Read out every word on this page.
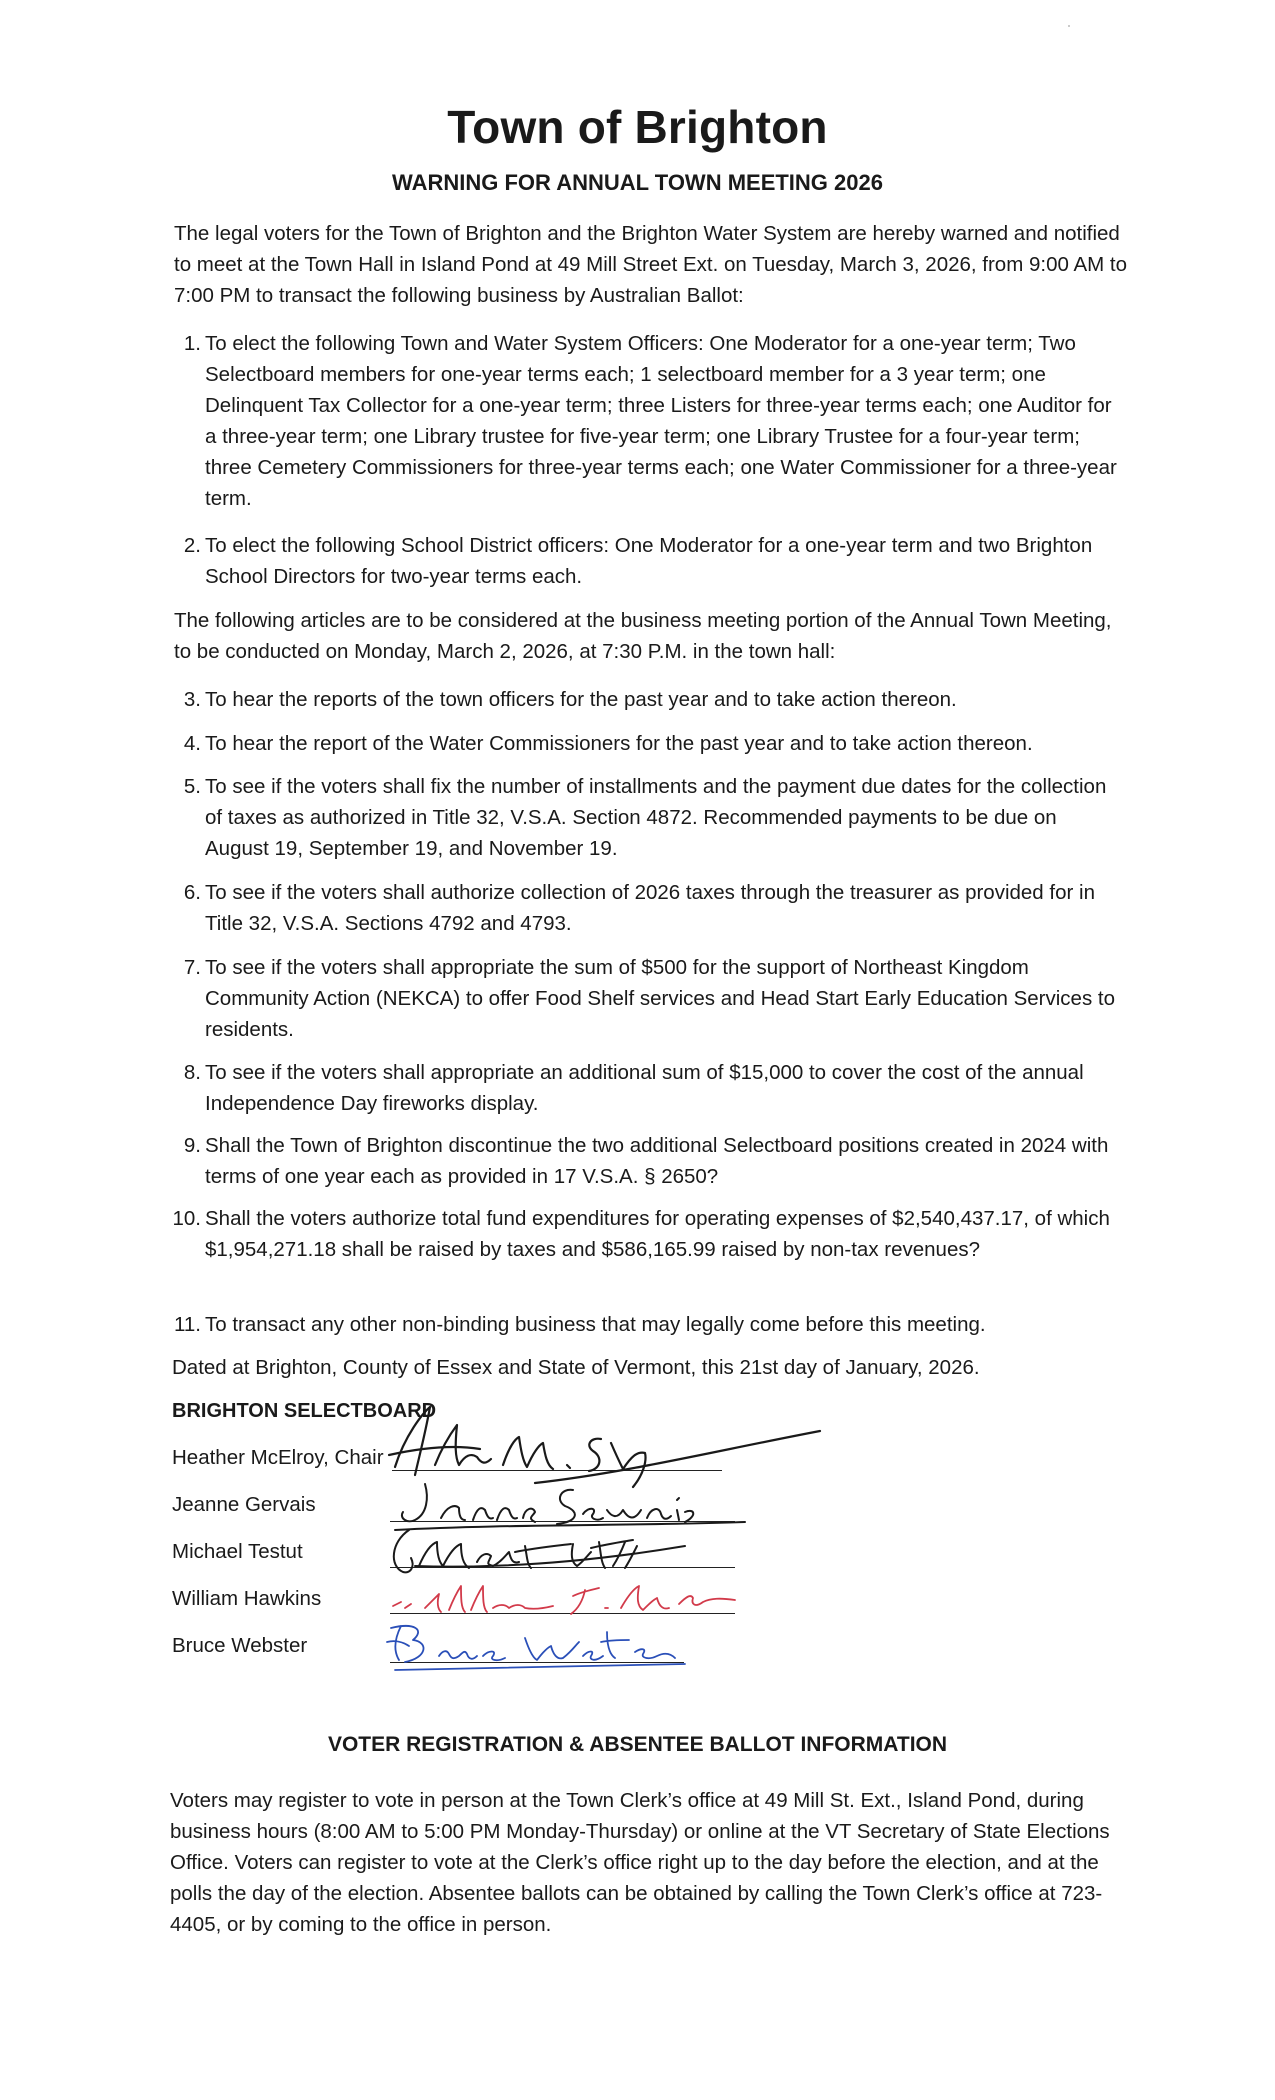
Town of Brighton
WARNING FOR ANNUAL TOWN MEETING 2026
The legal voters for the Town of Brighton and the Brighton Water System are hereby warned and notified to meet at the Town Hall in Island Pond at 49 Mill Street Ext. on Tuesday, March 3, 2026, from 9:00 AM to 7:00 PM to transact the following business by Australian Ballot:
1. To elect the following Town and Water System Officers: One Moderator for a one-year term; Two Selectboard members for one-year terms each; 1 selectboard member for a 3 year term; one Delinquent Tax Collector for a one-year term; three Listers for three-year terms each; one Auditor for a three-year term; one Library trustee for five-year term; one Library Trustee for a four-year term; three Cemetery Commissioners for three-year terms each; one Water Commissioner for a three-year term.
2. To elect the following School District officers: One Moderator for a one-year term and two Brighton School Directors for two-year terms each.
The following articles are to be considered at the business meeting portion of the Annual Town Meeting, to be conducted on Monday, March 2, 2026, at 7:30 P.M. in the town hall:
3. To hear the reports of the town officers for the past year and to take action thereon.
4. To hear the report of the Water Commissioners for the past year and to take action thereon.
5. To see if the voters shall fix the number of installments and the payment due dates for the collection of taxes as authorized in Title 32, V.S.A. Section 4872. Recommended payments to be due on August 19, September 19, and November 19.
6. To see if the voters shall authorize collection of 2026 taxes through the treasurer as provided for in Title 32, V.S.A. Sections 4792 and 4793.
7. To see if the voters shall appropriate the sum of $500 for the support of Northeast Kingdom Community Action (NEKCA) to offer Food Shelf services and Head Start Early Education Services to residents.
8. To see if the voters shall appropriate an additional sum of $15,000 to cover the cost of the annual Independence Day fireworks display.
9. Shall the Town of Brighton discontinue the two additional Selectboard positions created in 2024 with terms of one year each as provided in 17 V.S.A. § 2650?
10. Shall the voters authorize total fund expenditures for operating expenses of $2,540,437.17, of which $1,954,271.18 shall be raised by taxes and $586,165.99 raised by non-tax revenues?
11. To transact any other non-binding business that may legally come before this meeting.
Dated at Brighton, County of Essex and State of Vermont, this 21st day of January, 2026.
BRIGHTON SELECTBOARD
Heather McElroy, Chair
Jeanne Gervais
Michael Testut
William Hawkins
Bruce Webster
VOTER REGISTRATION & ABSENTEE BALLOT INFORMATION
Voters may register to vote in person at the Town Clerk’s office at 49 Mill St. Ext., Island Pond, during business hours (8:00 AM to 5:00 PM Monday-Thursday) or online at the VT Secretary of State Elections Office. Voters can register to vote at the Clerk’s office right up to the day before the election, and at the polls the day of the election. Absentee ballots can be obtained by calling the Town Clerk’s office at 723-4405, or by coming to the office in person.
